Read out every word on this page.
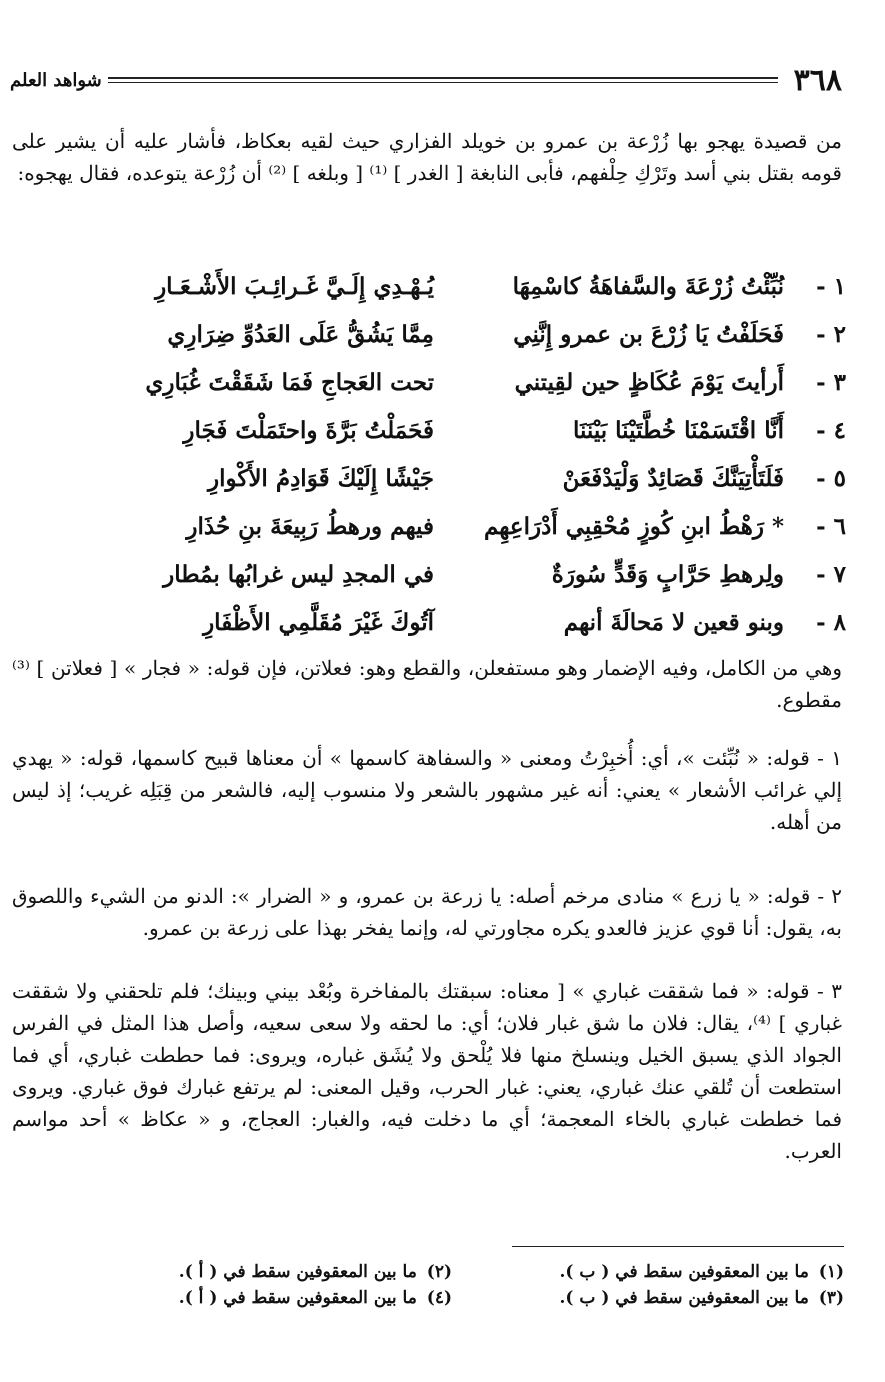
٣٦٨
شواهد العلم
من قصيدة يهجو بها زُرْعة بن عمرو بن خويلد الفزاري حيث لقيه بعكاظ، فأشار عليه أن يشير على قومه بقتل بني أسد وتَرْكِ حِلْفهم، فأبى النابغة [ الغدر ] ⁽¹⁾ [ وبلغه ] ⁽²⁾ أن زُرْعة يتوعده، فقال يهجوه:
١ -
نُبِّئْتُ زُرْعَةَ والسَّفاهَةُ كاسْمِهَا
يُـهْـدِي إِلَـيَّ غَـرائِـبَ الأَشْـعَـارِ
٢ -
فَحَلَفْتُ يَا زُرْعَ بن عمرو إِنَّنِي
مِمَّا يَشُقُّ عَلَى العَدُوِّ ضِرَارِي
٣ -
أَرأيتَ يَوْمَ عُكَاظٍ حين لقِيتني
تحت العَجاجِ فَمَا شَقَقْتَ غُبَارِي
٤ -
أَنَّا اقْتَسَمْنَا خُطَّتَيْنَا بَيْنَنَا
فَحَمَلْتُ بَرَّةَ واحتَمَلْتَ فَجَارِ
٥ -
فَلَتَأْتِيَنَّكَ قَصَائِدٌ وَلْيَدْفَعَنْ
جَيْشًا إِلَيْكَ قَوَادِمُ الأَكْوارِ
٦ -
* رَهْطُ ابنِ كُوزٍ مُحْقِبِي أَدْرَاعِهِم
فيهم ورهطُ رَبِيعَةَ بنِ حُذَارِ
٧ -
ولِرهطِ حَرَّابٍ وَقَدٍّ سُورَةٌ
في المجدِ ليس غرابُها بمُطار
٨ -
وبنو قعين لا مَحالَةَ أنهم
آتُوكَ غَيْرَ مُقَلَّمِي الأَظْفَارِ
وهي من الكامل، وفيه الإضمار وهو مستفعلن، والقطع وهو: فعلاتن، فإن قوله: « فجار » [ فعلاتن ] ⁽³⁾ مقطوع.
١ - قوله: « نُبِّئت »، أي: أُخبِرْتُ ومعنى « والسفاهة كاسمها » أن معناها قبيح كاسمها، قوله: « يهدي إلي غرائب الأشعار » يعني: أنه غير مشهور بالشعر ولا منسوب إليه، فالشعر من قِبَلِه غريب؛ إذ ليس من أهله.
٢ - قوله: « يا زرع » منادى مرخم أصله: يا زرعة بن عمرو، و « الضرار »: الدنو من الشيء واللصوق به، يقول: أنا قوي عزيز فالعدو يكره مجاورتي له، وإنما يفخر بهذا على زرعة بن عمرو.
٣ - قوله: « فما شققت غباري » [ معناه: سبقتك بالمفاخرة وبُعْد بيني وبينك؛ فلم تلحقني ولا شققت غباري ] ⁽⁴⁾، يقال: فلان ما شق غبار فلان؛ أي: ما لحقه ولا سعى سعيه، وأصل هذا المثل في الفرس الجواد الذي يسبق الخيل وينسلخ منها فلا يُلْحق ولا يُشَق غباره، ويروى: فما حططت غباري، أي فما استطعت أن تُلقي عنك غباري، يعني: غبار الحرب، وقيل المعنى: لم يرتفع غبارك فوق غباري. ويروى فما خططت غباري بالخاء المعجمة؛ أي ما دخلت فيه، والغبار: العجاج، و « عكاظ » أحد مواسم العرب.
(١) ما بين المعقوفين سقط في ( ب ).
(٢) ما بين المعقوفين سقط في ( أ ).
(٣) ما بين المعقوفين سقط في ( ب ).
(٤) ما بين المعقوفين سقط في ( أ ).
